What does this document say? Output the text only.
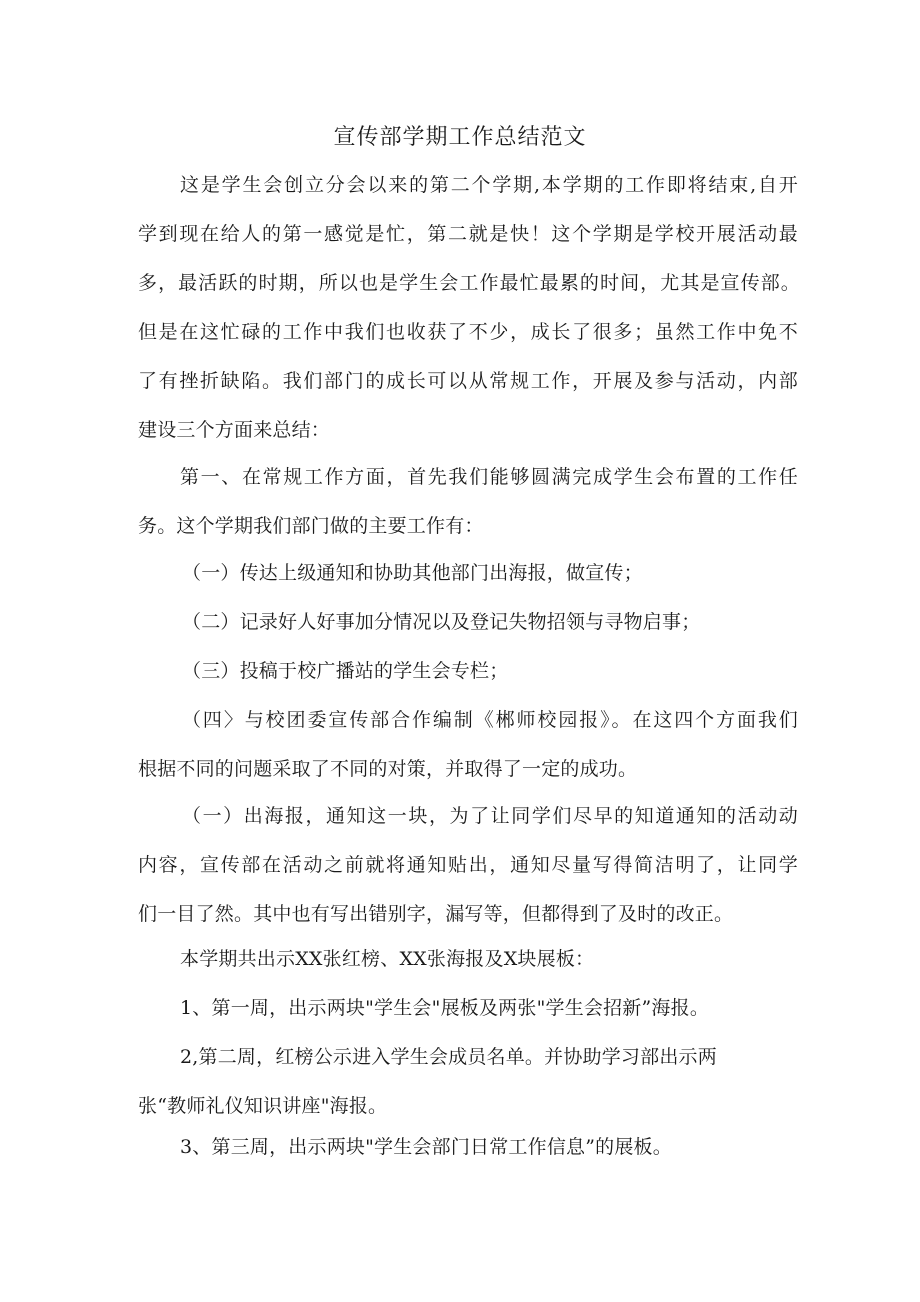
宣传部学期工作总结范文
这是学生会创立分会以来的第二个学期,本学期的工作即将结束,自开
学到现在给人的第一感觉是忙，第二就是快！这个学期是学校开展活动最
多，最活跃的时期，所以也是学生会工作最忙最累的时间，尤其是宣传部。
但是在这忙碌的工作中我们也收获了不少，成长了很多；虽然工作中免不
了有挫折缺陷。我们部门的成长可以从常规工作，开展及参与活动，内部
建设三个方面来总结：
第一、在常规工作方面，首先我们能够圆满完成学生会布置的工作任
务。这个学期我们部门做的主要工作有：
（一）传达上级通知和协助其他部门出海报，做宣传；
（二）记录好人好事加分情况以及登记失物招领与寻物启事；
（三）投稿于校广播站的学生会专栏；
（四〉与校团委宣传部合作编制《郴师校园报》。在这四个方面我们
根据不同的问题采取了不同的对策，并取得了一定的成功。
（一）出海报，通知这一块，为了让同学们尽早的知道通知的活动动
内容，宣传部在活动之前就将通知贴出，通知尽量写得简洁明了，让同学
们一目了然。其中也有写出错别字，漏写等，但都得到了及时的改正。
本学期共出示XX张红榜、XX张海报及X块展板：
1、第一周，出示两块"学生会"展板及两张"学生会招新”海报。
2,第二周，红榜公示进入学生会成员名单。并协助学习部出示两
张“教师礼仪知识讲座"海报。
3、第三周，出示两块"学生会部门日常工作信息”的展板。
